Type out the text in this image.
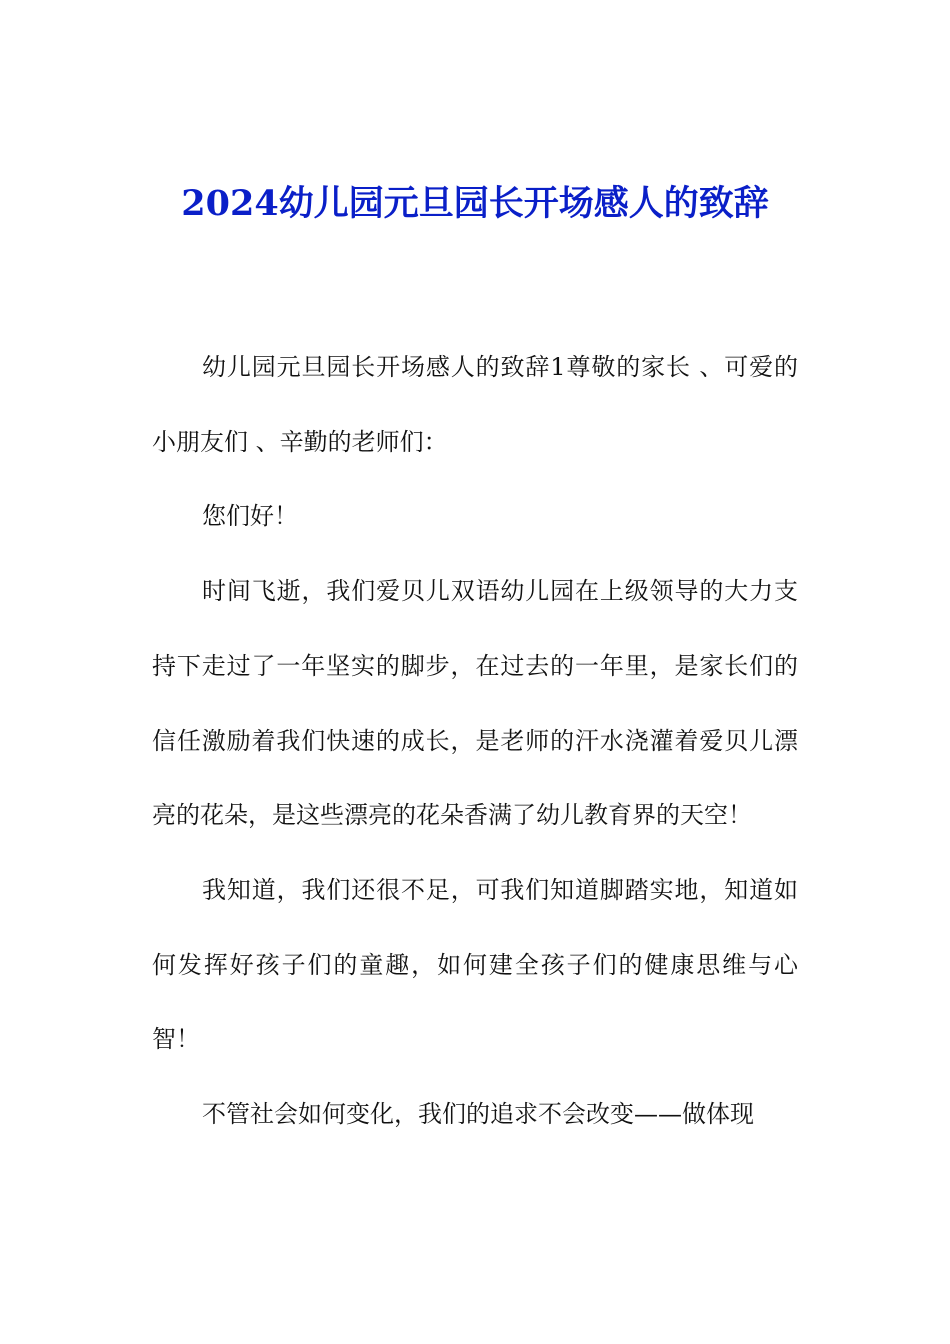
2024幼儿园元旦园长开场感人的致辞

幼儿园元旦园长开场感人的致辞1尊敬的家长 、可爱的小朋友们 、辛勤的老师们：

您们好！

时间飞逝，我们爱贝儿双语幼儿园在上级领导的大力支持下走过了一年坚实的脚步，在过去的一年里，是家长们的信任激励着我们快速的成长，是老师的汗水浇灌着爱贝儿漂亮的花朵，是这些漂亮的花朵香满了幼儿教育界的天空！

我知道，我们还很不足，可我们知道脚踏实地，知道如何发挥好孩子们的童趣，如何建全孩子们的健康思维与心智！

不管社会如何变化，我们的追求不会改变——做体现
